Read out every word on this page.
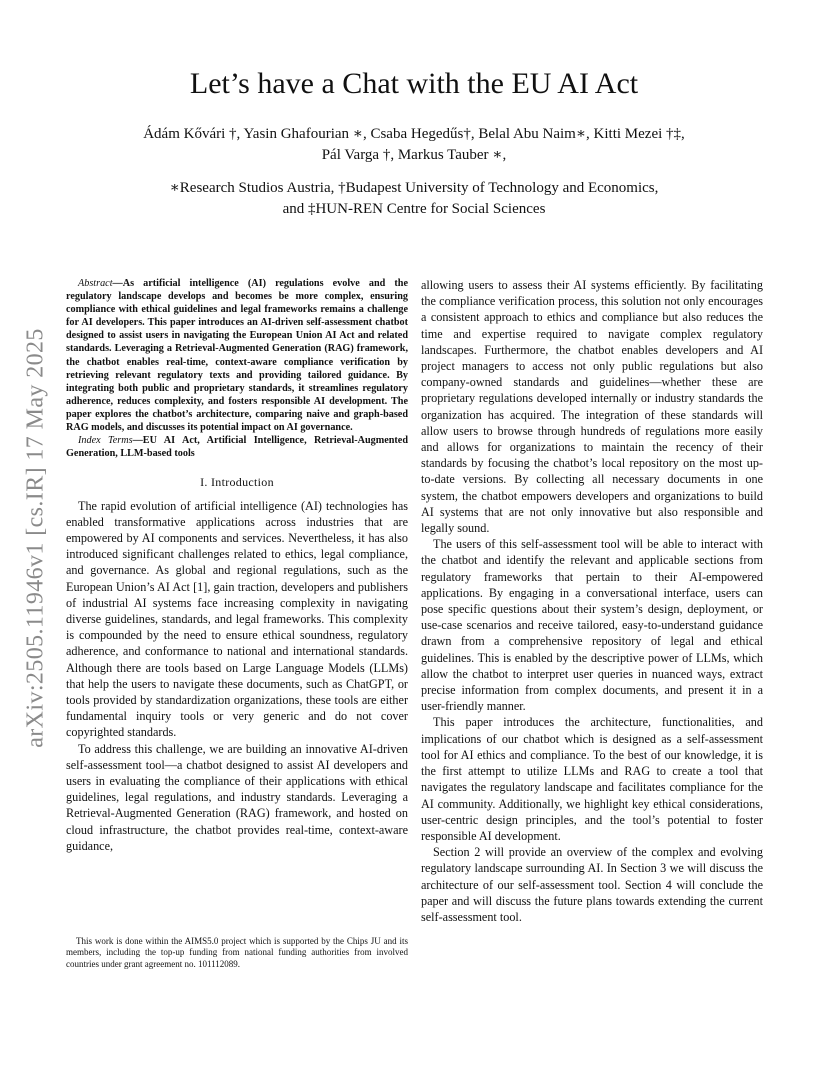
arXiv:2505.11946v1 [cs.IR] 17 May 2025
Let’s have a Chat with the EU AI Act
Ádám Kővári †, Yasin Ghafourian ∗, Csaba Hegedűs†, Belal Abu Naim∗, Kitti Mezei †‡,
Pál Varga †, Markus Tauber ∗,
∗Research Studios Austria, †Budapest University of Technology and Economics,
and ‡HUN-REN Centre for Social Sciences

Abstract—As artificial intelligence (AI) regulations evolve and the regulatory landscape develops and becomes be more complex, ensuring compliance with ethical guidelines and legal frameworks remains a challenge for AI developers. This paper introduces an AI-driven self-assessment chatbot designed to assist users in navigating the European Union AI Act and related standards. Leveraging a Retrieval-Augmented Generation (RAG) framework, the chatbot enables real-time, context-aware compliance verification by retrieving relevant regulatory texts and providing tailored guidance. By integrating both public and proprietary standards, it streamlines regulatory adherence, reduces complexity, and fosters responsible AI development. The paper explores the chatbot’s architecture, comparing naive and graph-based RAG models, and discusses its potential impact on AI governance.

Index Terms—EU AI Act, Artificial Intelligence, Retrieval-Augmented Generation, LLM-based tools

I. Introduction

The rapid evolution of artificial intelligence (AI) technologies has enabled transformative applications across industries that are empowered by AI components and services. Nevertheless, it has also introduced significant challenges related to ethics, legal compliance, and governance. As global and regional regulations, such as the European Union’s AI Act [1], gain traction, developers and publishers of industrial AI systems face increasing complexity in navigating diverse guidelines, standards, and legal frameworks. This complexity is compounded by the need to ensure ethical soundness, regulatory adherence, and conformance to national and international standards. Although there are tools based on Large Language Models (LLMs) that help the users to navigate these documents, such as ChatGPT, or tools provided by standardization organizations, these tools are either fundamental inquiry tools or very generic and do not cover copyrighted standards.

To address this challenge, we are building an innovative AI-driven self-assessment tool—a chatbot designed to assist AI developers and users in evaluating the compliance of their applications with ethical guidelines, legal regulations, and industry standards. Leveraging a Retrieval-Augmented Generation (RAG) framework, and hosted on cloud infrastructure, the chatbot provides real-time, context-aware guidance,

This work is done within the AIMS5.0 project which is supported by the Chips JU and its members, including the top-up funding from national funding authorities from involved countries under grant agreement no. 101112089.

allowing users to assess their AI systems efficiently. By facilitating the compliance verification process, this solution not only encourages a consistent approach to ethics and compliance but also reduces the time and expertise required to navigate complex regulatory landscapes. Furthermore, the chatbot enables developers and AI project managers to access not only public regulations but also company-owned standards and guidelines—whether these are proprietary regulations developed internally or industry standards the organization has acquired. The integration of these standards will allow users to browse through hundreds of regulations more easily and allows for organizations to maintain the recency of their standards by focusing the chatbot’s local repository on the most up-to-date versions. By collecting all necessary documents in one system, the chatbot empowers developers and organizations to build AI systems that are not only innovative but also responsible and legally sound.

The users of this self-assessment tool will be able to interact with the chatbot and identify the relevant and applicable sections from regulatory frameworks that pertain to their AI-empowered applications. By engaging in a conversational interface, users can pose specific questions about their system’s design, deployment, or use-case scenarios and receive tailored, easy-to-understand guidance drawn from a comprehensive repository of legal and ethical guidelines. This is enabled by the descriptive power of LLMs, which allow the chatbot to interpret user queries in nuanced ways, extract precise information from complex documents, and present it in a user-friendly manner.

This paper introduces the architecture, functionalities, and implications of our chatbot which is designed as a self-assessment tool for AI ethics and compliance. To the best of our knowledge, it is the first attempt to utilize LLMs and RAG to create a tool that navigates the regulatory landscape and facilitates compliance for the AI community. Additionally, we highlight key ethical considerations, user-centric design principles, and the tool’s potential to foster responsible AI development.

Section 2 will provide an overview of the complex and evolving regulatory landscape surrounding AI. In Section 3 we will discuss the architecture of our self-assessment tool. Section 4 will conclude the paper and will discuss the future plans towards extending the current self-assessment tool.
